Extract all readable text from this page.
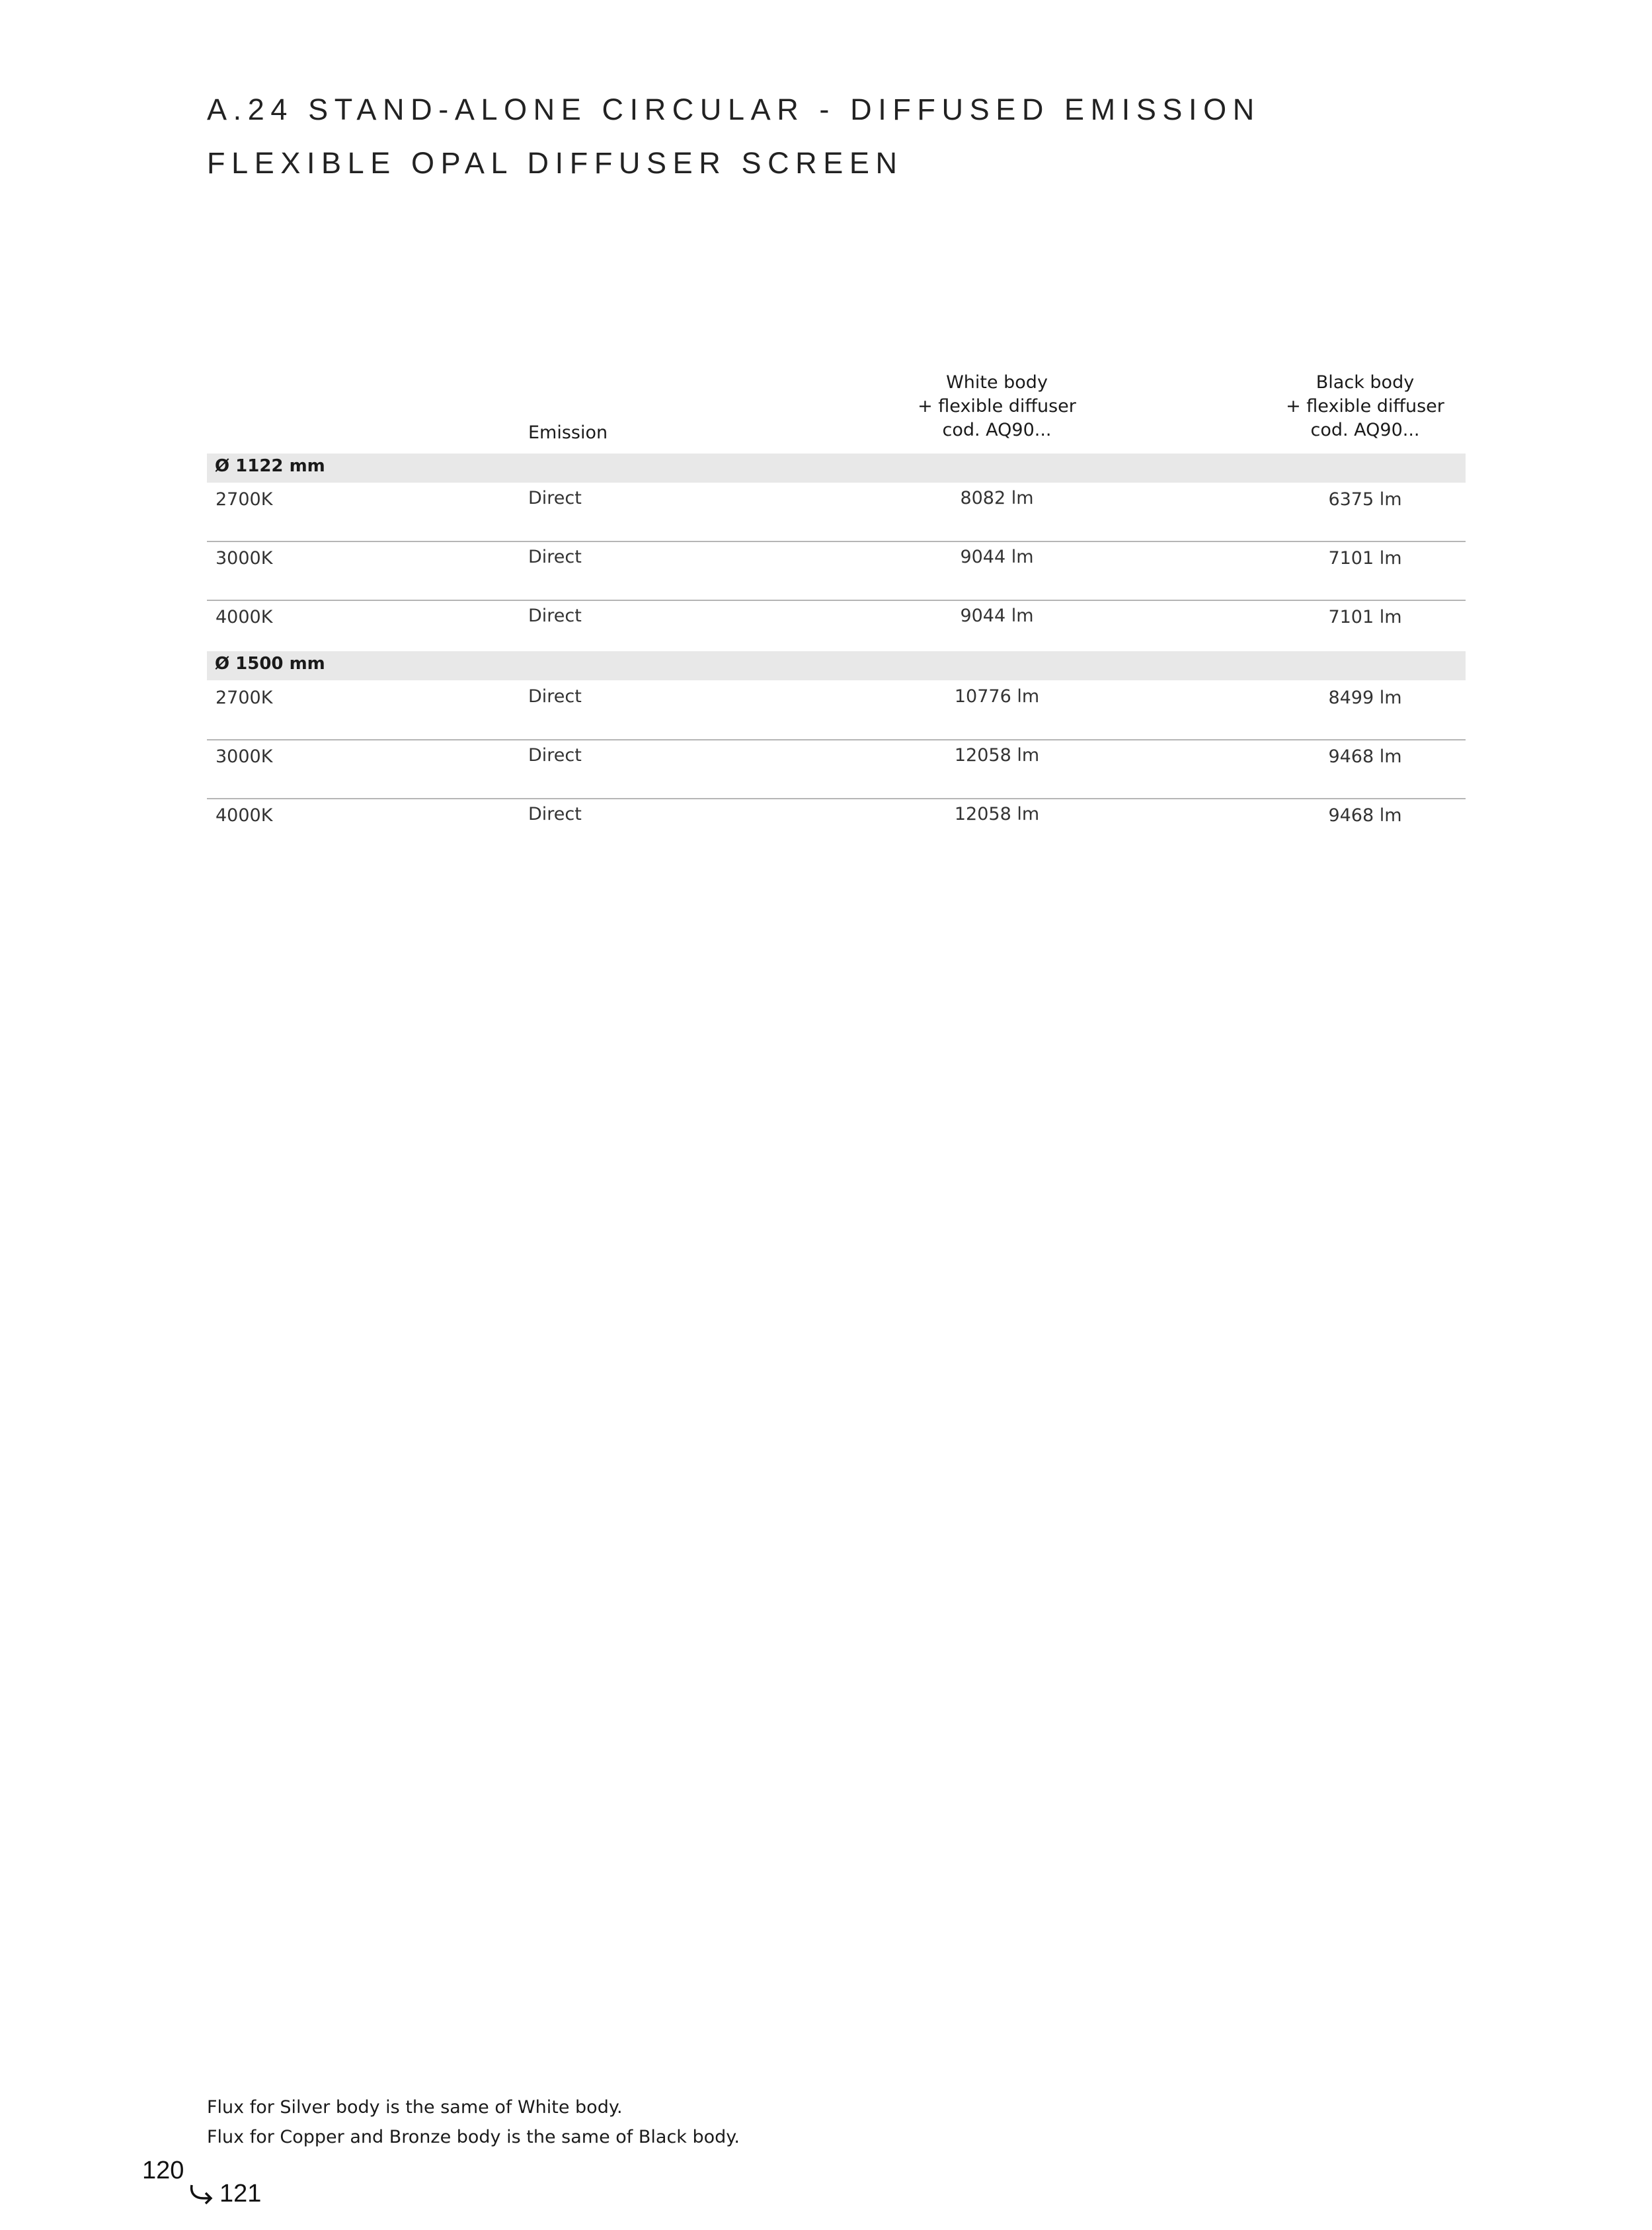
A.24 STAND-ALONE CIRCULAR - DIFFUSED EMISSION
FLEXIBLE OPAL DIFFUSER SCREEN
Emission
White body
+ flexible diffuser
cod. AQ90...
Black body
+ flexible diffuser
cod. AQ90...
Ø 1122 mm
2700K	Direct	8082 lm	6375 lm
3000K	Direct	9044 lm	7101 lm
4000K	Direct	9044 lm	7101 lm
Ø 1500 mm
2700K	Direct	10776 lm	8499 lm
3000K	Direct	12058 lm	9468 lm
4000K	Direct	12058 lm	9468 lm
Flux for Silver body is the same of White body.
Flux for Copper and Bronze body is the same of Black body.
120
121
